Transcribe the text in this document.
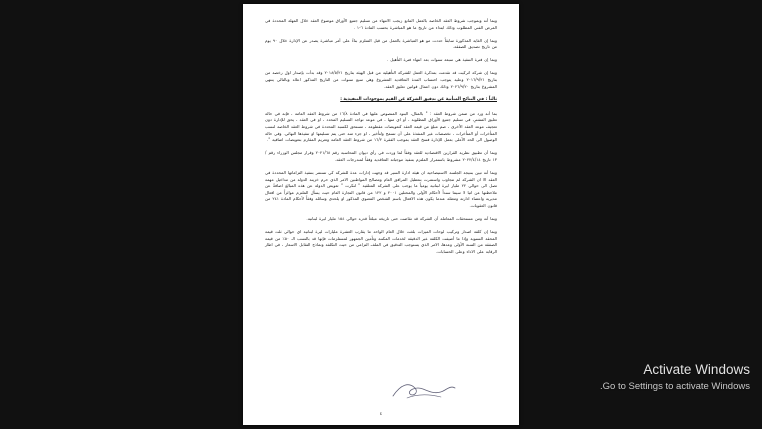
وبما أنه وبموجب شروط العقد الخاصة بالعمل المانع زيجب الانتهاء من تسليم جميع الأوراق موضوع العقد خلال المهلة المحددة في المرض الفني المطلوب وذلك ابتداء من تاريخ ما هو المباشرة بحسب المادة ٦-١ .

وبما إن الغاية المذكورة سابقاً حددت مو هو المباشرة بالعمل من قبل المتلزم بناءً على أمر مباشرة يصدر عن الإدارة خلال ٩٠ يوم من تاريخ تصديق الصفقة.

وبما إن فترة التنفيذ هي سبعة سنوات بعد انتهاء فترة التأهيل .

وبما إن شركة اثركيت قد تقدمت بمذكرة العمل للشركة التأهيلية من قبل الهيئة بتاريخ ٢٠١٨/٥/٢١ وقد بدأت بإصدار اول رخصة من بتاريخ ٢٠١٦/٩/٢١ وعليه يتوجب احتساب المدة التعاقدية المشروع وهي سبع سنوات من التاريخ المذكور اعلاه وبالتالي ينتهي المشروع بتاريخ ٢٠٢٦/٩/٢٠ وذلك دون اعمال قوانين تعليق العقد.

ثالثاً : في النتائج المتأتية عن تدقيق الشركة عن القيم بموجودات التنفيذية :

بما أنه ورد من ضمن شروط العقد : " بالمثال، البنود المنصوص عليها في المادة ١٦/٨ من شروط العقد العامة ، فإنه في حالة تعليق المشترِ، في تسليم جميع الأوراق المطلوبة ، أو اي منها ، في موعد تواجد التسليم المحدد ، او في العقد ، يحق للإدارة دون تعجيف موعد العقد الأخرى ، صم مبلغ من قيمة العقد كتعويضات مقطوعة ، مستحق لكسبة المحددة في شروط العقد الخاصة لنسب المتأخرات أو المتأخرات ، تخصصات غير المنفذة على أن تسمح ولتأخير ، او جزء منه حتى يتم تسليمها او تنفيذها النهائي. وفي حالة الوصول الى الحد الأعلى بعمل للإدارة فسخ العقد بموجب الفقرة ١٦/٢ من شروط العقد العامة وتعريم المقارم بتعويضات اضافية ".

وبما أن تطبيق نظرية القرارين الاقتصادية للعقد وفقاً لما وردت في رأي ديوان المحاسبة رقم ٢٠٢١/٦٨ وقرار مجلس الوزراء رقم /١٣ تاريخ ٢٠٢٢/٤/١٤ مشروط باستمرار الملتزم بتنفيذ موجباته التعاقدية وفقاً لمندرجات العقد.

وبما أنه تبين بنتيجة الجلسة الاستيضاحية ان هيئة ادارة السير قد وجهت إدارات عدة للشركة كي تستمر بتنفيذ التزاماتها المحددة في العقد الا ان الشركة لم تتجاوب واستمرت بتعطيل المرافق العام ومصالح المواطنين الامر الذي حرم خزينة الدولة من مداخيل مهمة تصل الى حوالي ٢٢ مليار ليرة لبنانية يومياً ما يوجب على الشركة المتلقية " لنكرت " تعويض الدولة عن هذه المبالغ اضافةً عن ملاحظتها عن اتيا لا سيما سنداً لأحكام الأولى والمحتلين ٢٠٠١ و ١٢٢ من قانون التجارة العام حيث يسأل الملتزم عوائزاً من افعال مديريه واعضاء ادارته ومعثله عندما يكون هذه الافعال باسم الشخص المعنوي المذكور او يلحدى وسائله وفقاً لأحكام المادة ٢٤١ من قانون العقوبات.

وبما أنه ومن مستحقات المعاملة أن الشركة قد تقاضت حتى تاريخه مبلغاً قدره حوالي ١٥٤ مليار ليرة لبنانية.

وبما إن كلفة اصدار وتركيب لوحات الميزات بلغت خلال العام الواحد ما يقارب العشرة مليارات ليرة لبنانية اي حوالي ثلث قيمة المحقة السنوية وإذا ما أضيفت الكلفة غير الدقيقة لخدمات المكننة وتأمين الجمهور لمستلزمات فإنها قد بالنسب الـ ٥٠٪ من قيمة الصفقة من السنة الأولى وعدها، الامر الذي يستوجب التدقيق في الملف التزامي من حيث التكلفة ونماذج التقابل الاسعار ، في اطار الرقابة على الاداء وعلى الحسابات.

٤
Activate Windows
Go to Settings to activate Windows.
